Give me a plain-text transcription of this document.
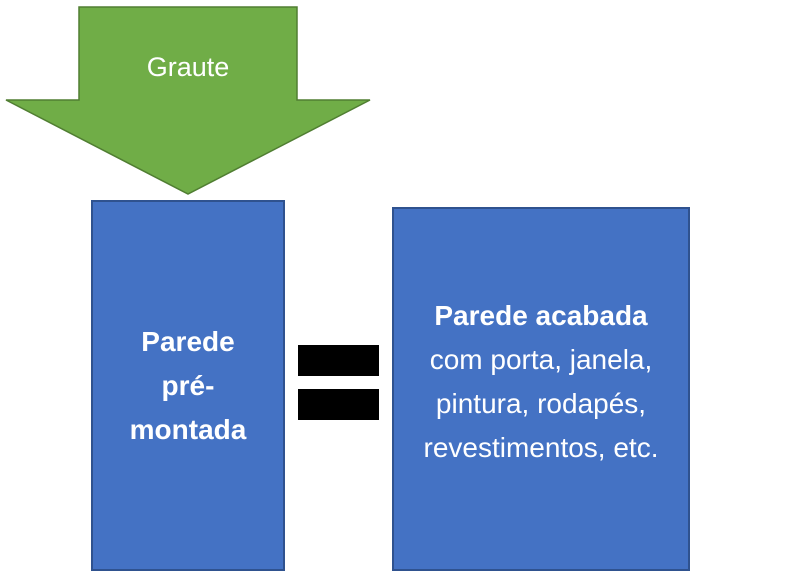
Graute
Parede pré-montada
Parede acabada
com porta, janela, pintura, rodapés, revestimentos, etc.
